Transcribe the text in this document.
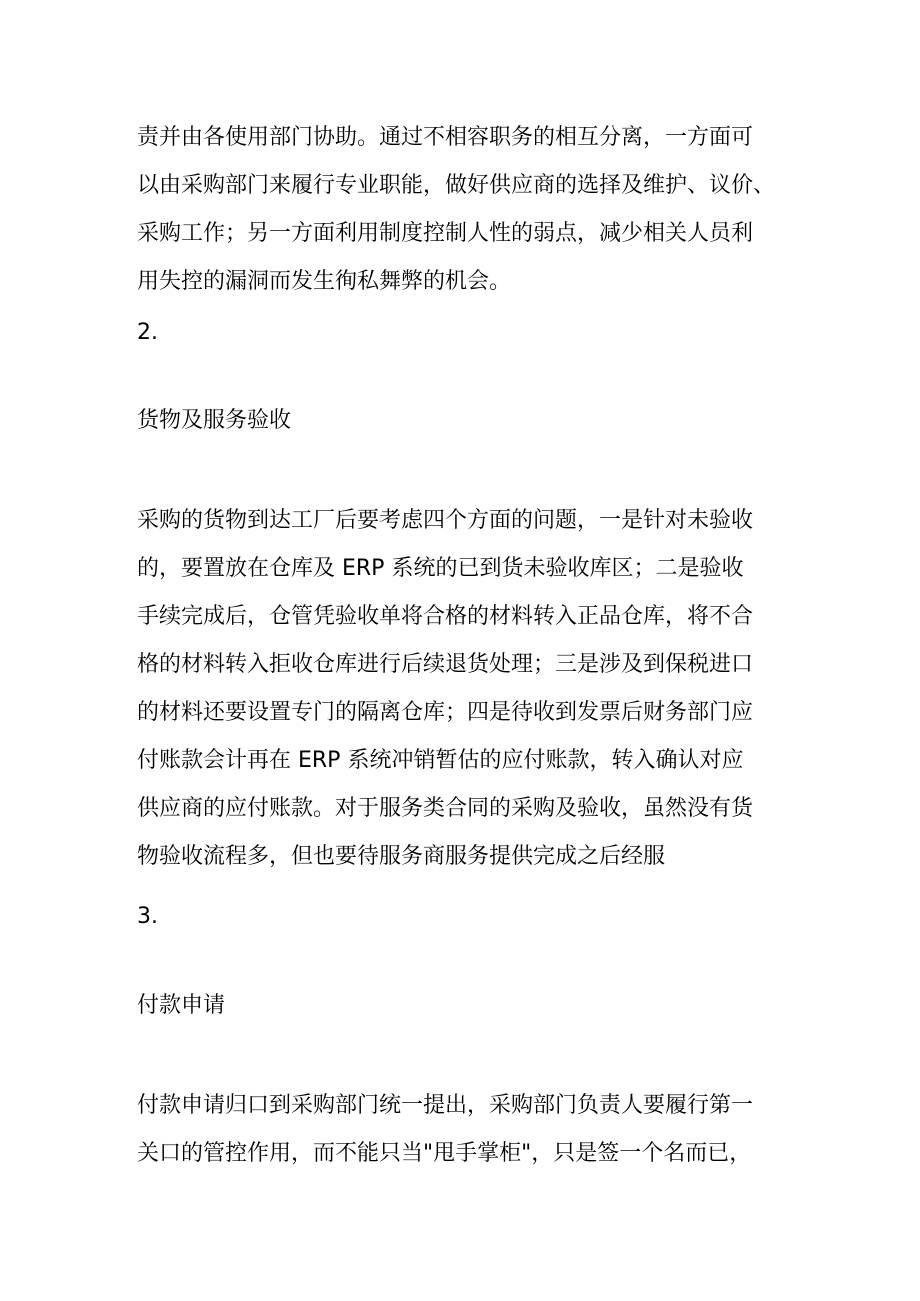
责并由各使用部门协助。通过不相容职务的相互分离，一方面可
以由采购部门来履行专业职能，做好供应商的选择及维护、议价、
采购工作；另一方面利用制度控制人性的弱点，减少相关人员利
用失控的漏洞而发生徇私舞弊的机会。

2.

货物及服务验收

采购的货物到达工厂后要考虑四个方面的问题，一是针对未验收
的，要置放在仓库及 ERP 系统的已到货未验收库区；二是验收
手续完成后，仓管凭验收单将合格的材料转入正品仓库，将不合
格的材料转入拒收仓库进行后续退货处理；三是涉及到保税进口
的材料还要设置专门的隔离仓库；四是待收到发票后财务部门应
付账款会计再在 ERP 系统冲销暂估的应付账款，转入确认对应
供应商的应付账款。对于服务类合同的采购及验收，虽然没有货
物验收流程多，但也要待服务商服务提供完成之后经服

3.

付款申请

付款申请归口到采购部门统一提出，采购部门负责人要履行第一
关口的管控作用，而不能只当"甩手掌柜"，只是签一个名而已，
